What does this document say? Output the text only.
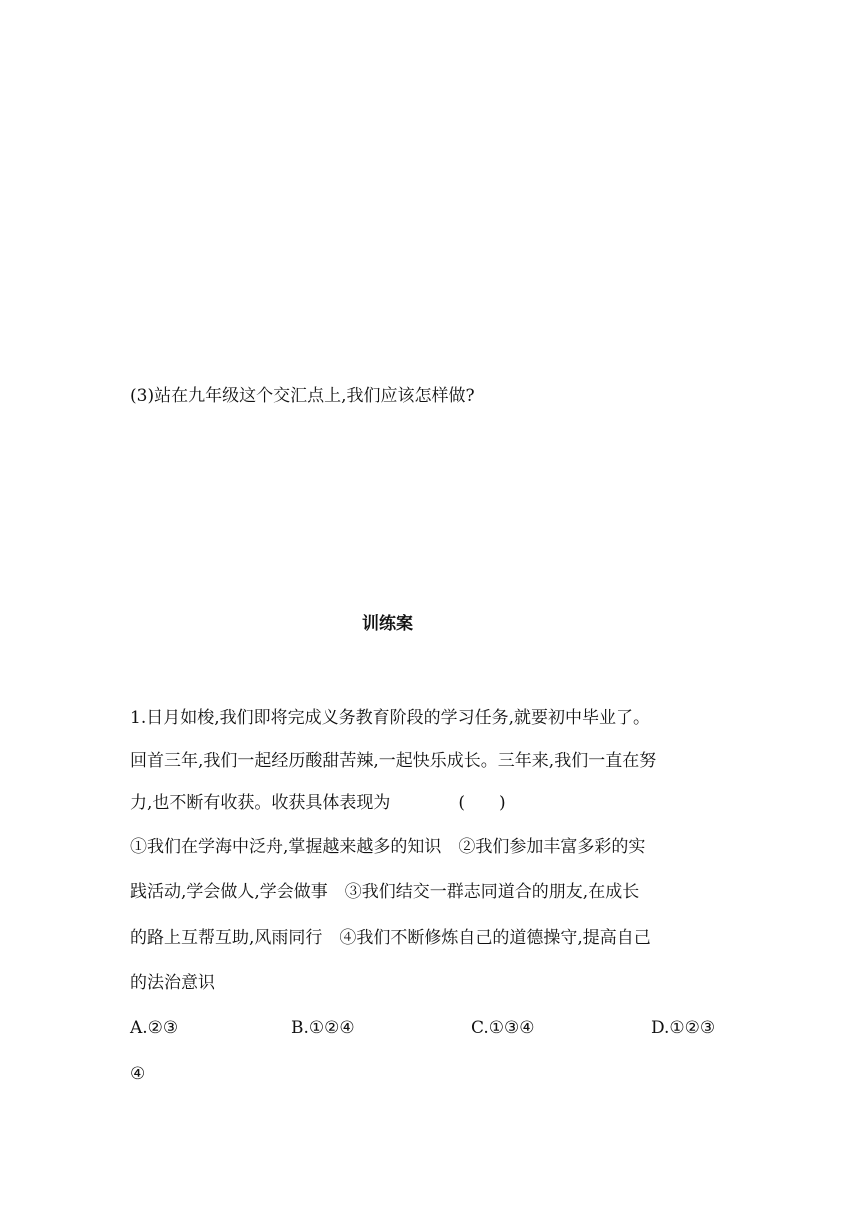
(3)站在九年级这个交汇点上,我们应该怎样做?
训练案
1.日月如梭,我们即将完成义务教育阶段的学习任务,就要初中毕业了。
回首三年,我们一起经历酸甜苦辣,一起快乐成长。三年来,我们一直在努
力,也不断有收获。收获具体表现为　　　　(　　)
①我们在学海中泛舟,掌握越来越多的知识　②我们参加丰富多彩的实
践活动,学会做人,学会做事　③我们结交一群志同道合的朋友,在成长
的路上互帮互助,风雨同行　④我们不断修炼自己的道德操守,提高自己
的法治意识
A.②③	B.①②④	C.①③④	D.①②③
④
